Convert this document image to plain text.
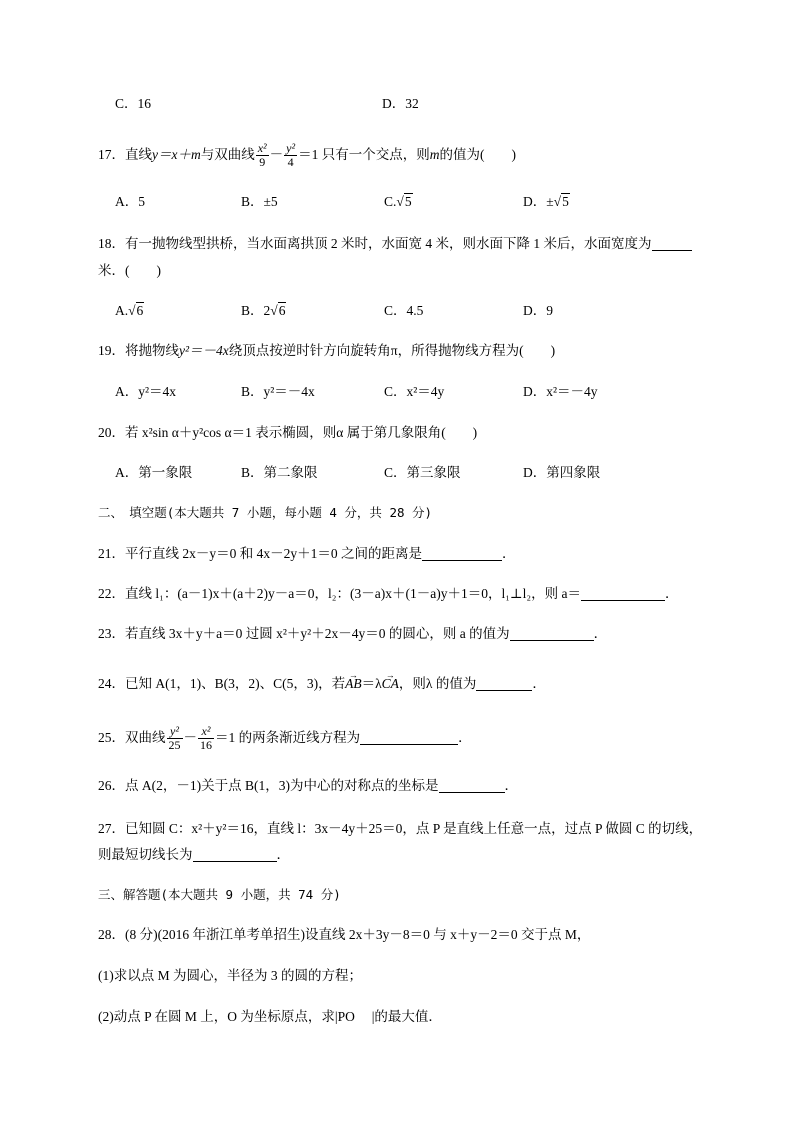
C．16	D．32
17．直线y＝x＋m与双曲线 $\frac{\text{x²}}{9} - \frac{\text{y²}}{4} =1$ 只有一个交点，则m的值为(　　)
A．5	B．±5	C.√5	D．±√5
18．有一抛物线型拱桥，当水面离拱顶 2 米时，水面宽 4 米，则水面下降 1 米后，水面宽度为
米．(　　)
A.√6	B．2√6	C．4.5	D．9
19．将抛物线y²＝－4x绕顶点按逆时针方向旋转角π，所得抛物线方程为(　　)
A．y²＝4x	B．y²＝－4x	C．x²＝4y	D．x²＝－4y
20．若 x²sin α＋y²cos α＝1 表示椭圆，则α 属于第几象限角(　　)
A．第一象限	B．第二象限	C．第三象限	D．第四象限
二、　填空题(本大题共 7 小题，每小题 4 分，共 28 分)
21．平行直线 2x－y＝0 和 4x－2y＋1＝0 之间的距离是	．
22．直线 l₁：(a－1)x＋(a＋2)y－a＝0，l₂：(3－a)x＋(1－a)y＋1＝0，l₁⊥l₂，则 a＝	．
23．若直线 3x＋y＋a＝0 过圆 x²＋y²＋2x－4y＝0 的圆心，则 a 的值为	．
24．已知 A(1，1)、B(3，2)、C(5，3)，若→ AB＝λ→ CA，则λ 的值为	．
25．双曲线 $\frac{\text{y²}}{25} - \frac{\text{x²}}{16} =1$ 的两条渐近线方程为	．
26．点 A(2，－1)关于点 B(1，3)为中心的对称点的坐标是	．
27．已知圆 C：x²＋y²＝16，直线 l：3x－4y＋25＝0，点 P 是直线上任意一点，过点 P 做圆 C 的切线，
则最短切线长为	．
三、解答题(本大题共 9 小题，共 74 分)
28．(8 分)(2016 年浙江单考单招生)设直线 2x＋3y－8＝0 与 x＋y－2＝0 交于点 M，
(1)求以点 M 为圆心，半径为 3 的圆的方程；
(2)动点 P 在圆 M 上，O 为坐标原点，求|PO　 |的最大值．
